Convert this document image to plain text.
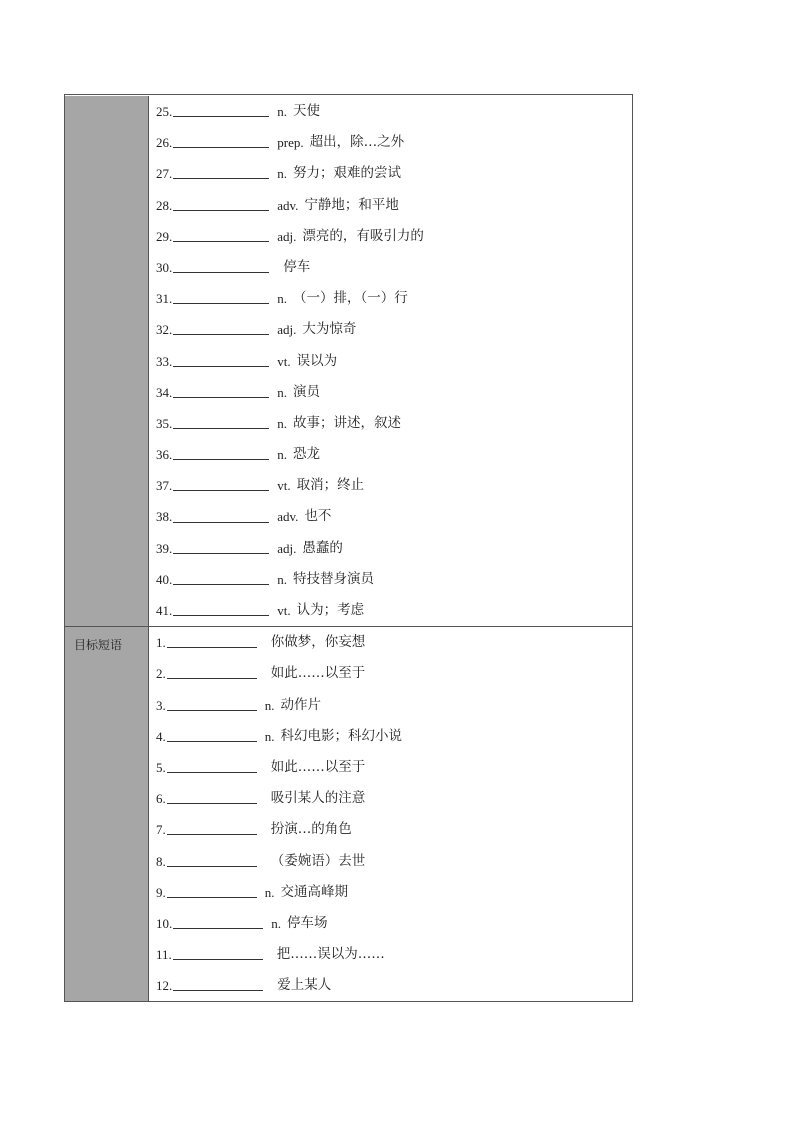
25.	n. 天使
26.	prep. 超出，除…之外
27.	n. 努力；艰难的尝试
28.	adv. 宁静地；和平地
29.	adj. 漂亮的，有吸引力的
30.	停车
31.	n. （一）排，（一）行
32.	adj. 大为惊奇
33.	vt. 误以为
34.	n. 演员
35.	n. 故事；讲述，叙述
36.	n. 恐龙
37.	vt. 取消；终止
38.	adv. 也不
39.	adj. 愚蠢的
40.	n. 特技替身演员
41.	vt. 认为；考虑
目标短语	1.	你做梦，你妄想
2.	如此……以至于
3.	n. 动作片
4.	n. 科幻电影；科幻小说
5.	如此……以至于
6.	吸引某人的注意
7.	扮演…的角色
8.	（委婉语）去世
9.	n. 交通高峰期
10.	n. 停车场
11.	把……误以为……
12.	爱上某人
